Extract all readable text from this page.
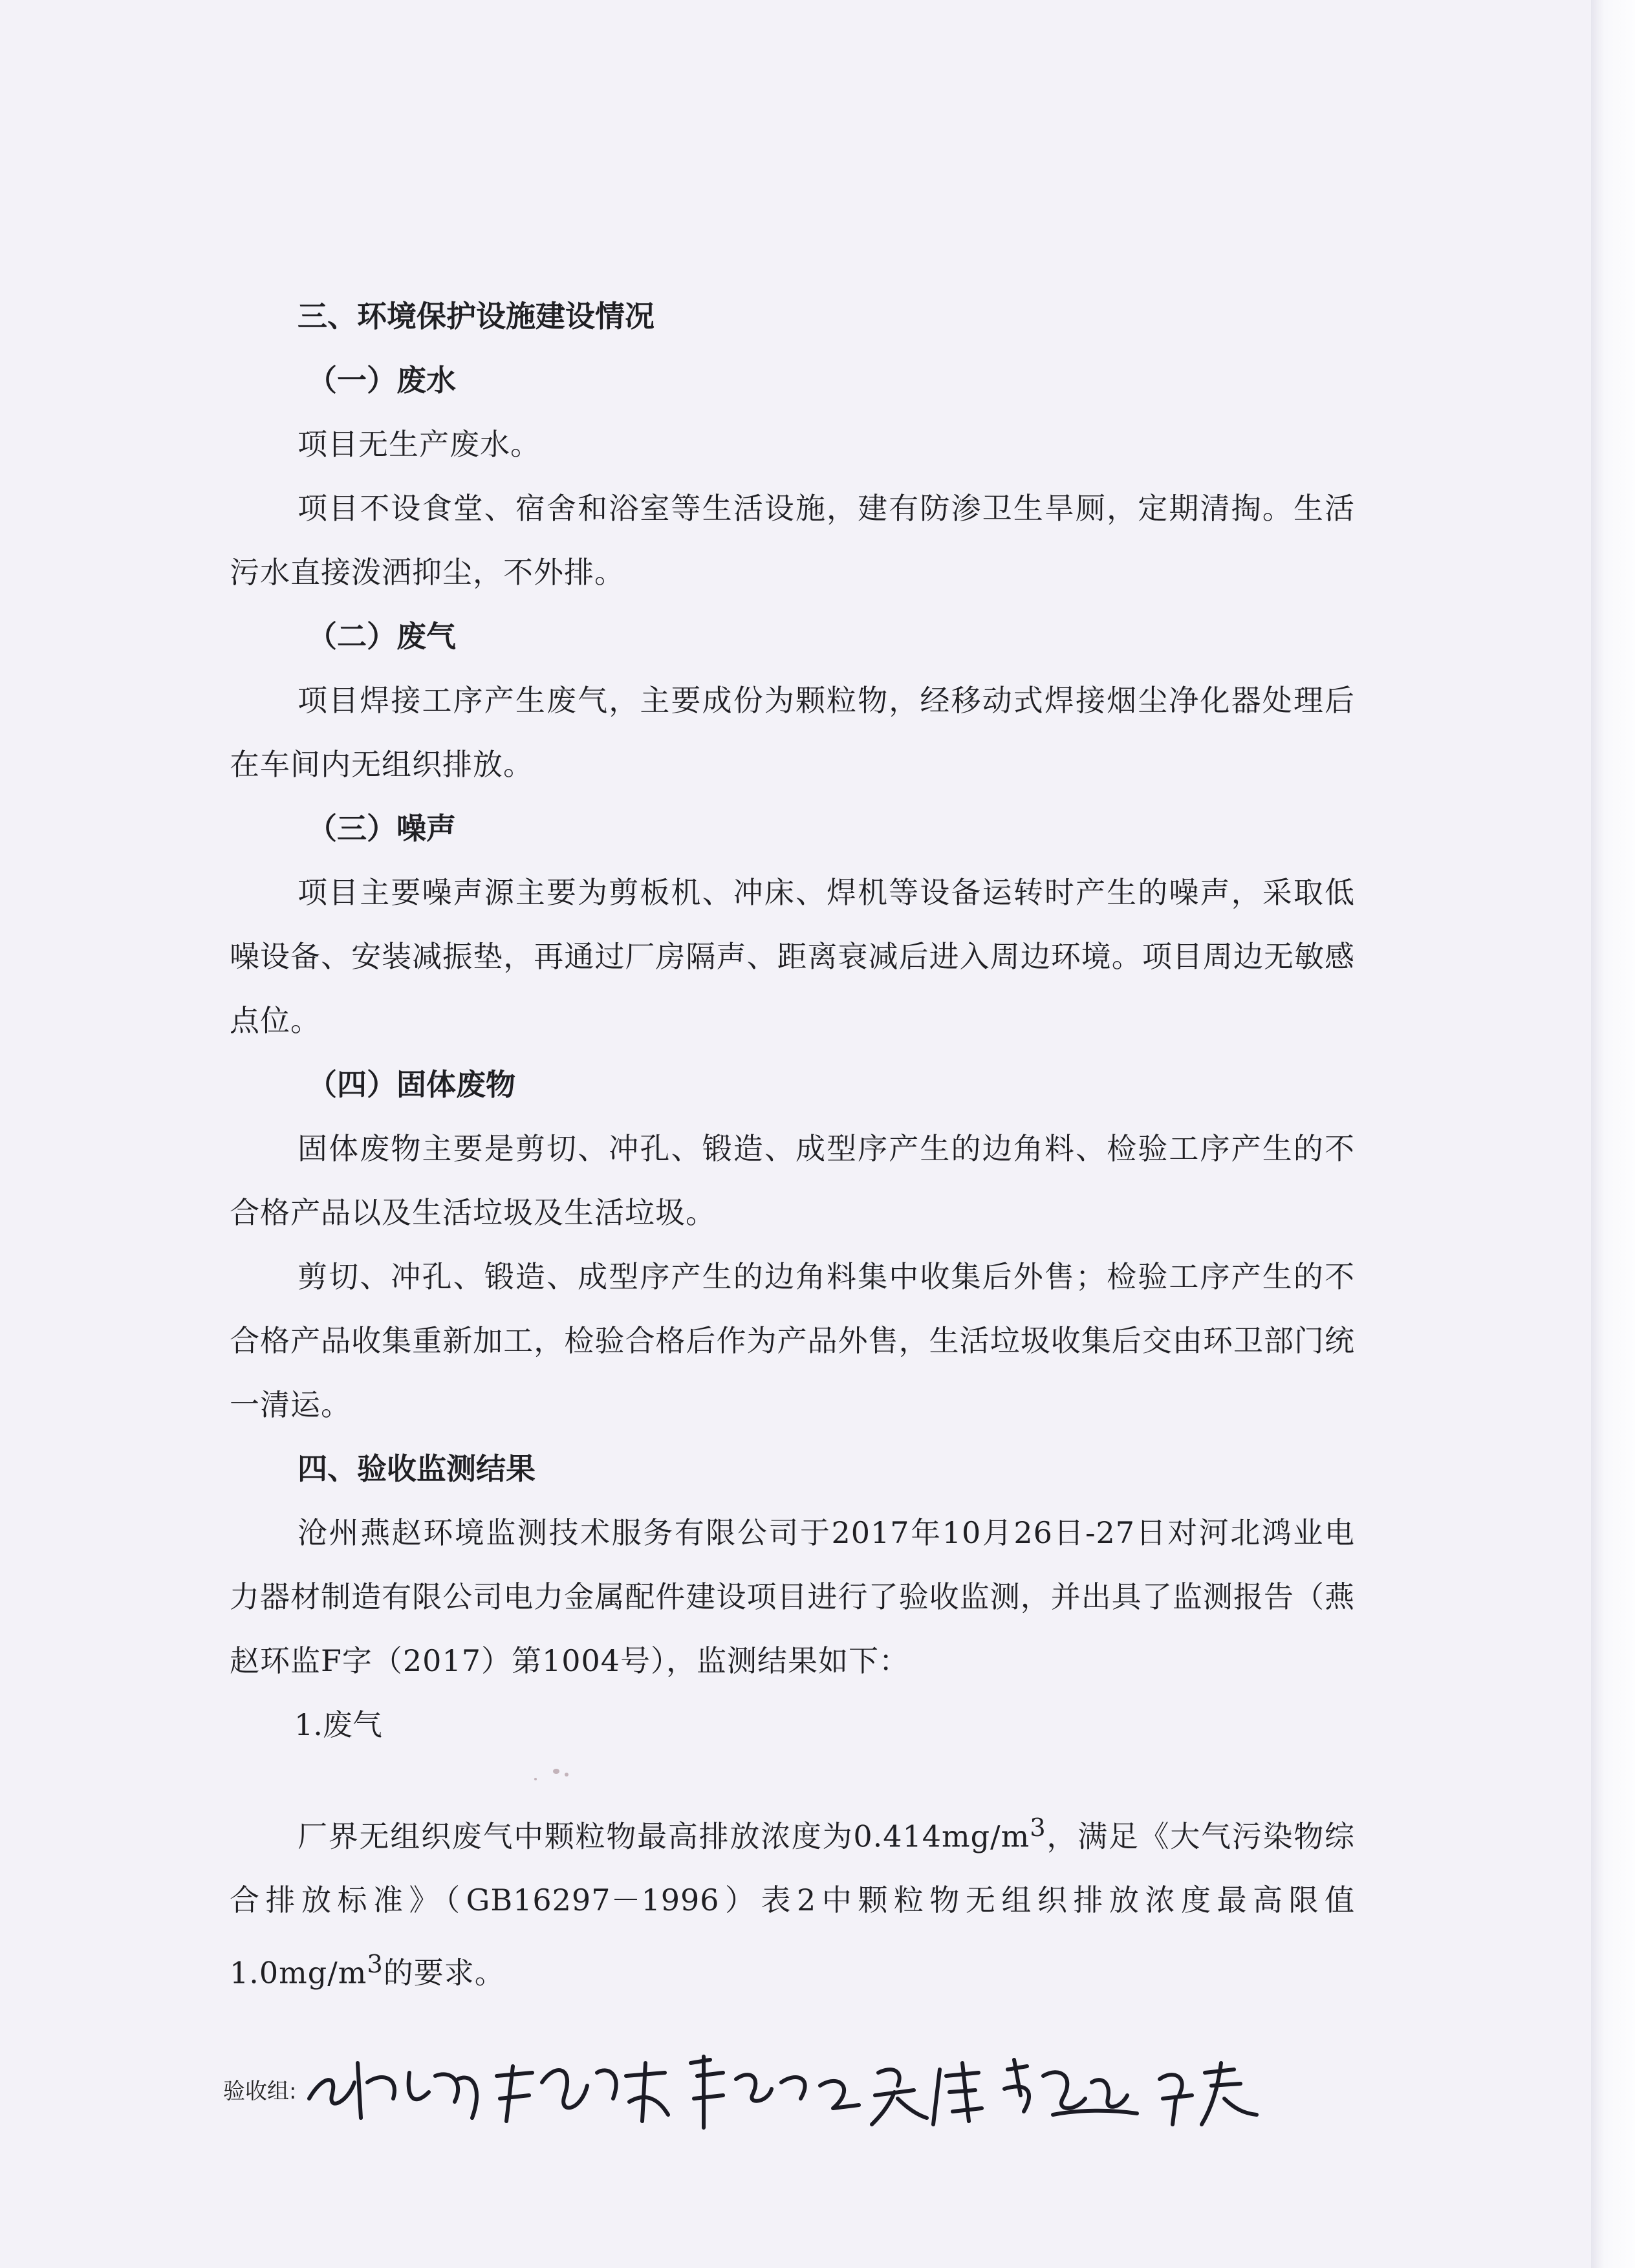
三、环境保护设施建设情况

（一）废水

项目无生产废水。

项目不设食堂、宿舍和浴室等生活设施，建有防渗卫生旱厕，定期清掏。生活污水直接泼洒抑尘，不外排。

（二）废气

项目焊接工序产生废气，主要成份为颗粒物，经移动式焊接烟尘净化器处理后在车间内无组织排放。

（三）噪声

项目主要噪声源主要为剪板机、冲床、焊机等设备运转时产生的噪声，采取低噪设备、安装减振垫，再通过厂房隔声、距离衰减后进入周边环境。项目周边无敏感点位。

（四）固体废物

固体废物主要是剪切、冲孔、锻造、成型序产生的边角料、检验工序产生的不合格产品以及生活垃圾及生活垃圾。

剪切、冲孔、锻造、成型序产生的边角料集中收集后外售；检验工序产生的不合格产品收集重新加工，检验合格后作为产品外售，生活垃圾收集后交由环卫部门统一清运。

四、验收监测结果

沧州燕赵环境监测技术服务有限公司于2017年10月26日-27日对河北鸿业电力器材制造有限公司电力金属配件建设项目进行了验收监测，并出具了监测报告（燕赵环监F字（2017）第1004号），监测结果如下：

1.废气

厂界无组织废气中颗粒物最高排放浓度为$0.414mg/m^3$，满足《大气污染物综合排放标准》（GB16297－1996）表2中颗粒物无组织排放浓度最高限值$1.0mg/m^3$的要求。

验收组:
